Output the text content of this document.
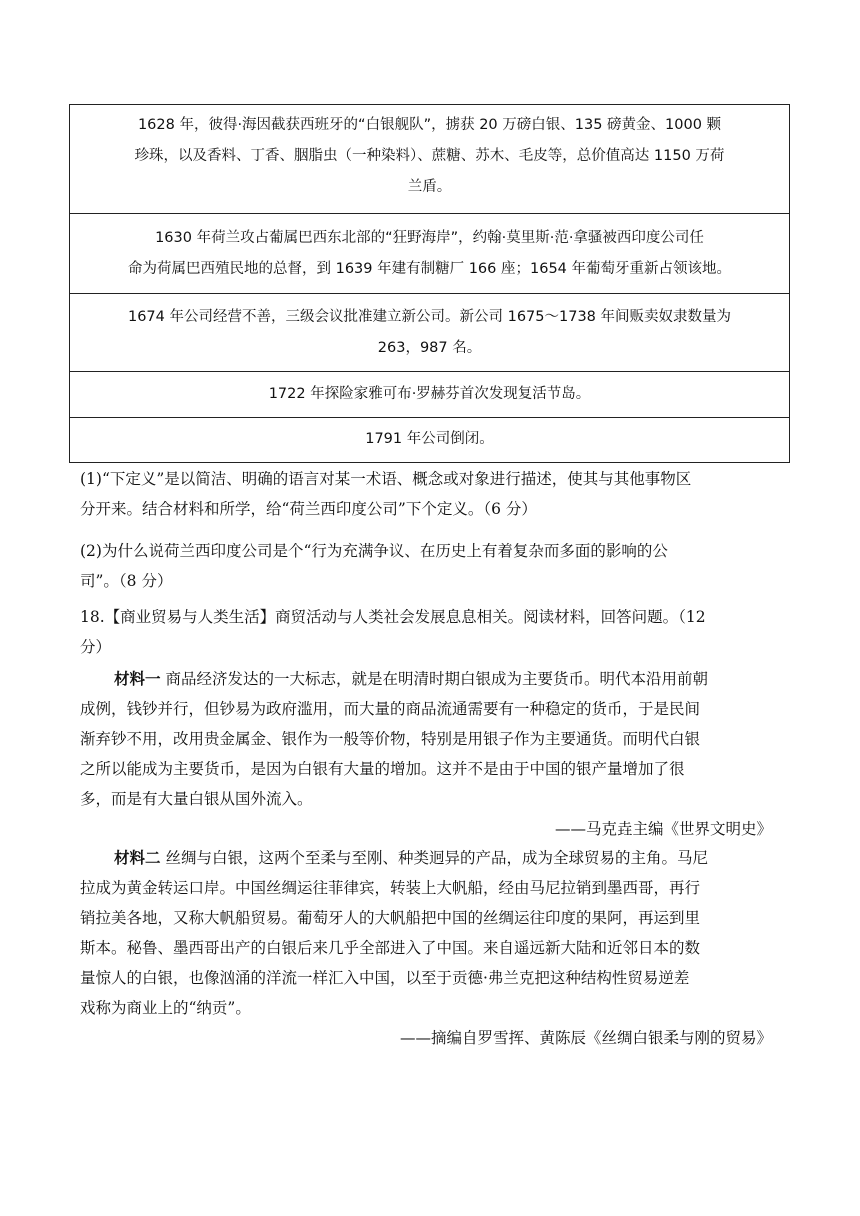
1628 年，彼得·海因截获西班牙的“白银舰队”，掳获 20 万磅白银、135 磅黄金、1000 颗
珍珠，以及香料、丁香、胭脂虫（一种染料）、蔗糖、苏木、毛皮等，总价值高达 1150 万荷
兰盾。
1630 年荷兰攻占葡属巴西东北部的“狂野海岸”，约翰·莫里斯·范·拿骚被西印度公司任
命为荷属巴西殖民地的总督，到 1639 年建有制糖厂 166 座；1654 年葡萄牙重新占领该地。
1674 年公司经营不善，三级会议批准建立新公司。新公司 1675～1738 年间贩卖奴隶数量为
263，987 名。
1722 年探险家雅可布·罗赫芬首次发现复活节岛。
1791 年公司倒闭。
(1)“下定义”是以简洁、明确的语言对某一术语、概念或对象进行描述，使其与其他事物区
分开来。结合材料和所学，给“荷兰西印度公司”下个定义。（6 分）
(2)为什么说荷兰西印度公司是个“行为充满争议、在历史上有着复杂而多面的影响的公
司”。（8 分）
18.【商业贸易与人类生活】商贸活动与人类社会发展息息相关。阅读材料，回答问题。（12
分）
材料一 商品经济发达的一大标志，就是在明清时期白银成为主要货币。明代本沿用前朝
成例，钱钞并行，但钞易为政府滥用，而大量的商品流通需要有一种稳定的货币，于是民间
渐弃钞不用，改用贵金属金、银作为一般等价物，特别是用银子作为主要通货。而明代白银
之所以能成为主要货币，是因为白银有大量的增加。这并不是由于中国的银产量增加了很
多，而是有大量白银从国外流入。
——马克垚主编《世界文明史》
材料二 丝绸与白银，这两个至柔与至刚、种类迥异的产品，成为全球贸易的主角。马尼
拉成为黄金转运口岸。中国丝绸运往菲律宾，转装上大帆船，经由马尼拉销到墨西哥，再行
销拉美各地，又称大帆船贸易。葡萄牙人的大帆船把中国的丝绸运往印度的果阿，再运到里
斯本。秘鲁、墨西哥出产的白银后来几乎全部进入了中国。来自遥远新大陆和近邻日本的数
量惊人的白银，也像汹涌的洋流一样汇入中国，以至于贡德·弗兰克把这种结构性贸易逆差
戏称为商业上的“纳贡”。
——摘编自罗雪挥、黄陈辰《丝绸白银柔与刚的贸易》
